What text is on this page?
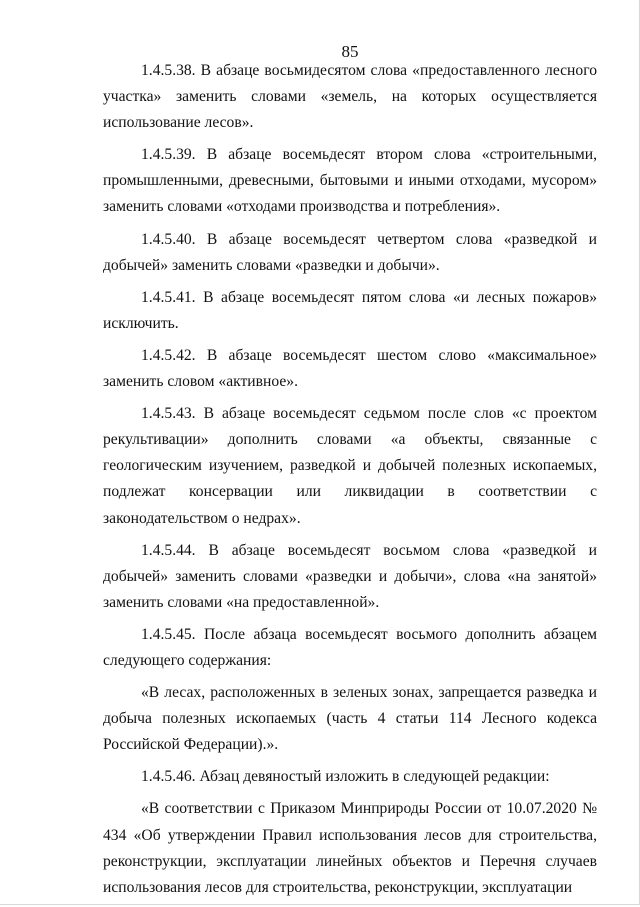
85

1.4.5.38. В абзаце восьмидесятом слова «предоставленного лесного участка» заменить словами «земель, на которых осуществляется использование лесов».

1.4.5.39. В абзаце восемьдесят втором слова «строительными, промышленными, древесными, бытовыми и иными отходами, мусором» заменить словами «отходами производства и потребления».

1.4.5.40. В абзаце восемьдесят четвертом слова «разведкой и добычей» заменить словами «разведки и добычи».

1.4.5.41. В абзаце восемьдесят пятом слова «и лесных пожаров» исключить.

1.4.5.42. В абзаце восемьдесят шестом слово «максимальное» заменить словом «активное».

1.4.5.43. В абзаце восемьдесят седьмом после слов «с проектом рекультивации» дополнить словами «а объекты, связанные с геологическим изучением, разведкой и добычей полезных ископаемых, подлежат консервации или ликвидации в соответствии с законодательством о недрах».

1.4.5.44. В абзаце восемьдесят восьмом слова «разведкой и добычей» заменить словами «разведки и добычи», слова «на занятой» заменить словами «на предоставленной».

1.4.5.45. После абзаца восемьдесят восьмого дополнить абзацем следующего содержания:

«В лесах, расположенных в зеленых зонах, запрещается разведка и добыча полезных ископаемых (часть 4 статьи 114 Лесного кодекса Российской Федерации).».

1.4.5.46. Абзац девяностый изложить в следующей редакции:

«В соответствии с Приказом Минприроды России от 10.07.2020 № 434 «Об утверждении Правил использования лесов для строительства, реконструкции, эксплуатации линейных объектов и Перечня случаев использования лесов для строительства, реконструкции, эксплуатации
